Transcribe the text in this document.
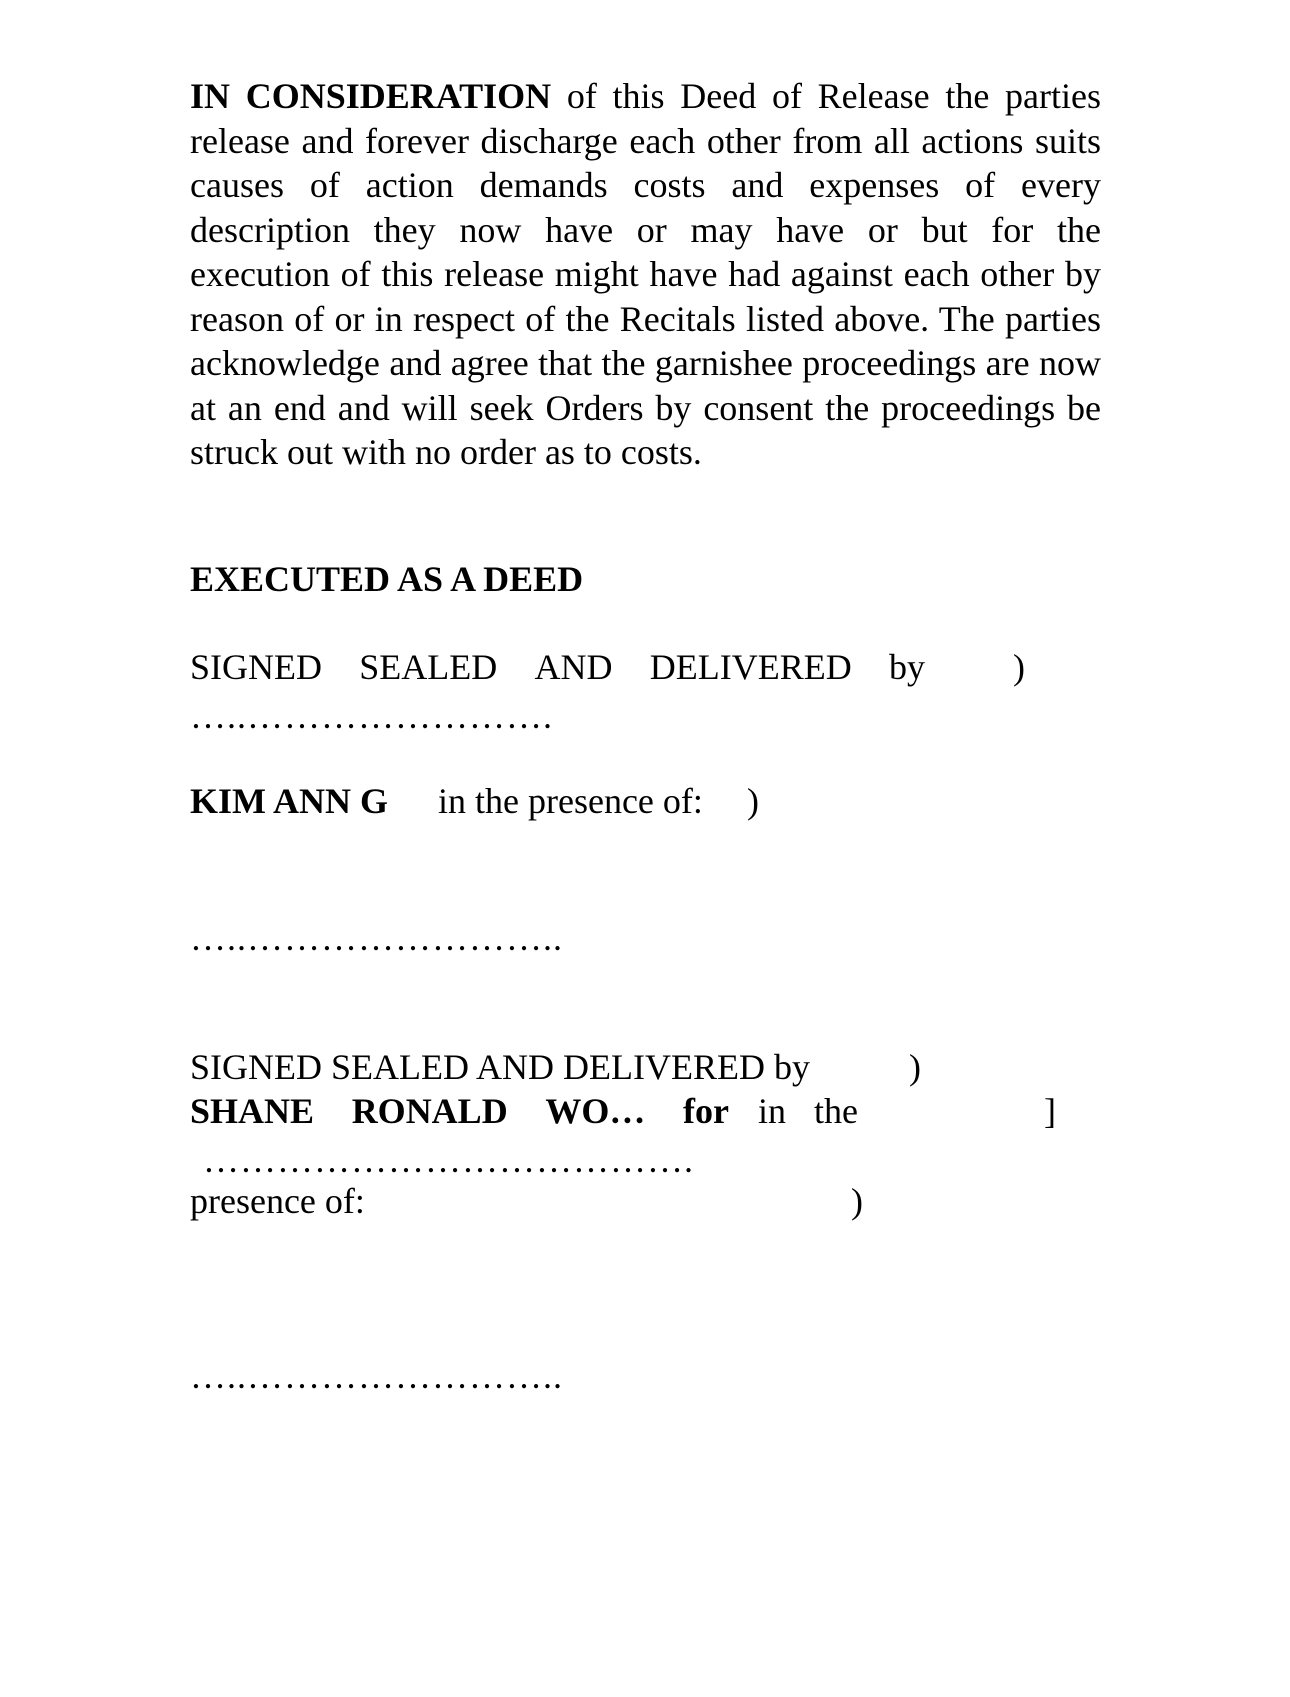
IN CONSIDERATION of this Deed of Release the parties release and forever discharge each other from all actions suits causes of action demands costs and expenses of every description they now have or may have or but for the execution of this release might have had against each other by reason of or in respect of the Recitals listed above. The parties acknowledge and agree that the garnishee proceedings are now at an end and will seek Orders by consent the proceedings be struck out with no order as to costs.

EXECUTED AS A DEED
SIGNED SEALED AND DELIVERED by )
…..…………………….
KIM ANN G in the presence of: )
…..……………………..
SIGNED SEALED AND DELIVERED by	)
SHANE RONALD WO… for in the	]
………………………………….
presence of:	)
…..……………………..
